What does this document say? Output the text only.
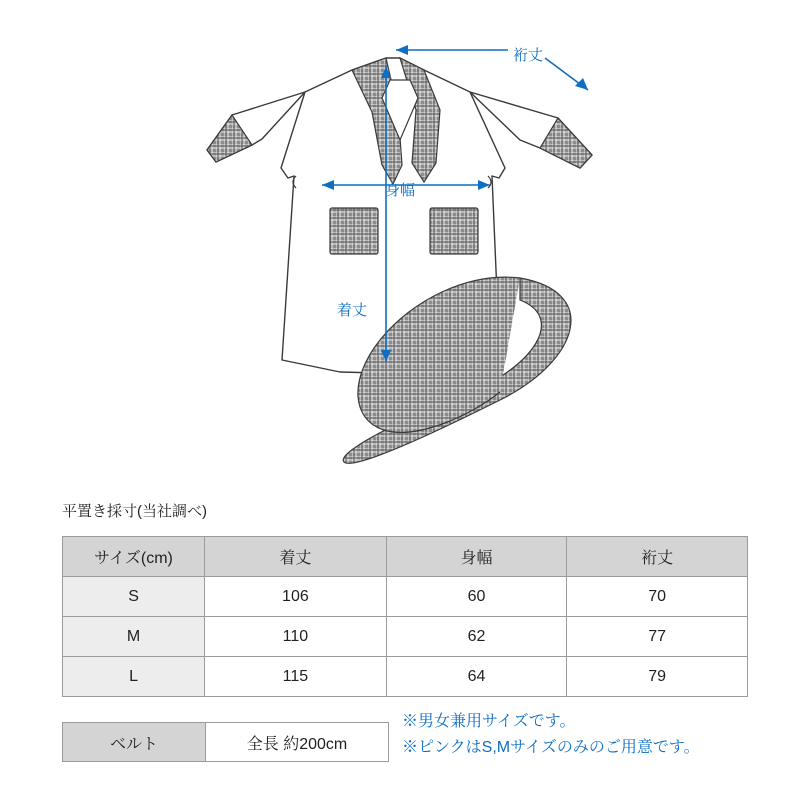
裄丈
身幅
着丈
平置き採寸(当社調べ)
サイズ(cm)	着丈	身幅	裄丈
S	106	60	70
M	110	62	77
L	115	64	79
ベルト	全長 約200cm
※男女兼用サイズです。
※ピンクはS,Mサイズのみのご用意です。
